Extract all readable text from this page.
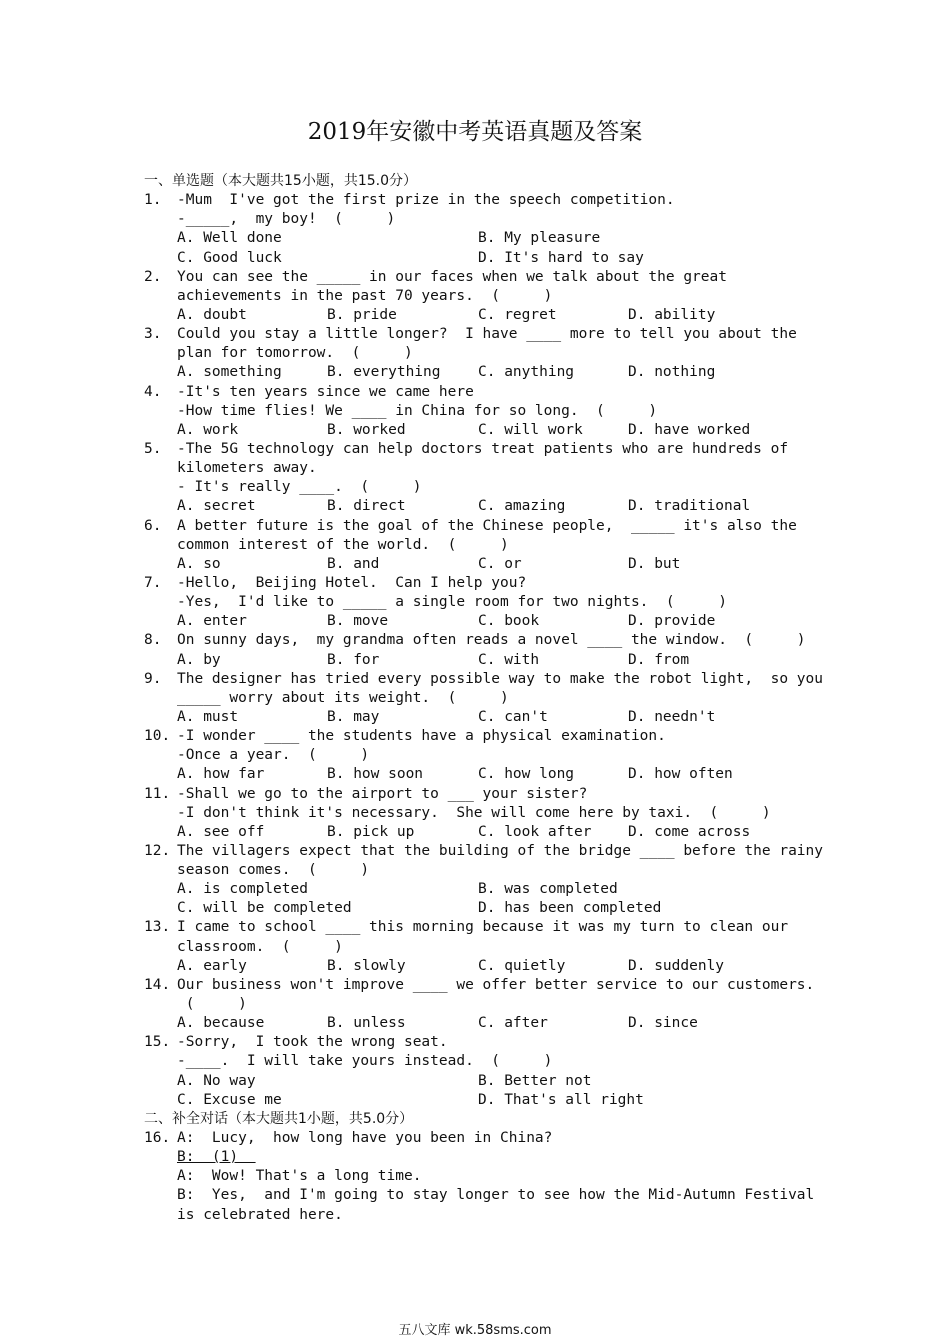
2019年安徽中考英语真题及答案

一、单选题（本大题共15小题，共15.0分）

1. -Mum  I've got the first prize in the speech competition.
-_____,  my boy!  (     )
A. Well done	B. My pleasure
C. Good luck	D. It's hard to say
2. You can see the _____ in our faces when we talk about the great
achievements in the past 70 years.  (     )
A. doubt	B. pride	C. regret	D. ability
3. Could you stay a little longer?  I have ____ more to tell you about the
plan for tomorrow.  (     )
A. something	B. everything	C. anything	D. nothing
4. -It's ten years since we came here
-How time flies! We ____ in China for so long.  (     )
A. work	B. worked	C. will work	D. have worked
5. -The 5G technology can help doctors treat patients who are hundreds of
kilometers away.
- It's really ____.  (     )
A. secret	B. direct	C. amazing	D. traditional
6. A better future is the goal of the Chinese people,  _____ it's also the
common interest of the world.  (     )
A. so	B. and	C. or	D. but
7. -Hello,  Beijing Hotel.  Can I help you?
-Yes,  I'd like to _____ a single room for two nights.  (     )
A. enter	B. move	C. book	D. provide
8. On sunny days,  my grandma often reads a novel ____ the window.  (     )
A. by	B. for	C. with	D. from
9. The designer has tried every possible way to make the robot light,  so you
_____ worry about its weight.  (     )
A. must	B. may	C. can't	D. needn't
10. -I wonder ____ the students have a physical examination.
-Once a year.  (     )
A. how far	B. how soon	C. how long	D. how often
11. -Shall we go to the airport to ___ your sister?
-I don't think it's necessary.  She will come here by taxi.  (     )
A. see off	B. pick up	C. look after	D. come across
12. The villagers expect that the building of the bridge ____ before the rainy
season comes.  (     )
A. is completed	B. was completed
C. will be completed	D. has been completed
13. I came to school ____ this morning because it was my turn to clean our
classroom.  (     )
A. early	B. slowly	C. quietly	D. suddenly
14. Our business won't improve ____ we offer better service to our customers.
(     )
A. because	B. unless	C. after	D. since
15. -Sorry,  I took the wrong seat.
-____.  I will take yours instead.  (     )
A. No way	B. Better not
C. Excuse me	D. That's all right

二、补全对话（本大题共1小题，共5.0分）

16.

A:  Lucy,  how long have you been in China?

B:  (1)

A:  Wow! That's a long time.

B:  Yes,  and I'm going to stay longer to see how the Mid-Autumn Festival

is celebrated here.

五八文库 wk.58sms.com
